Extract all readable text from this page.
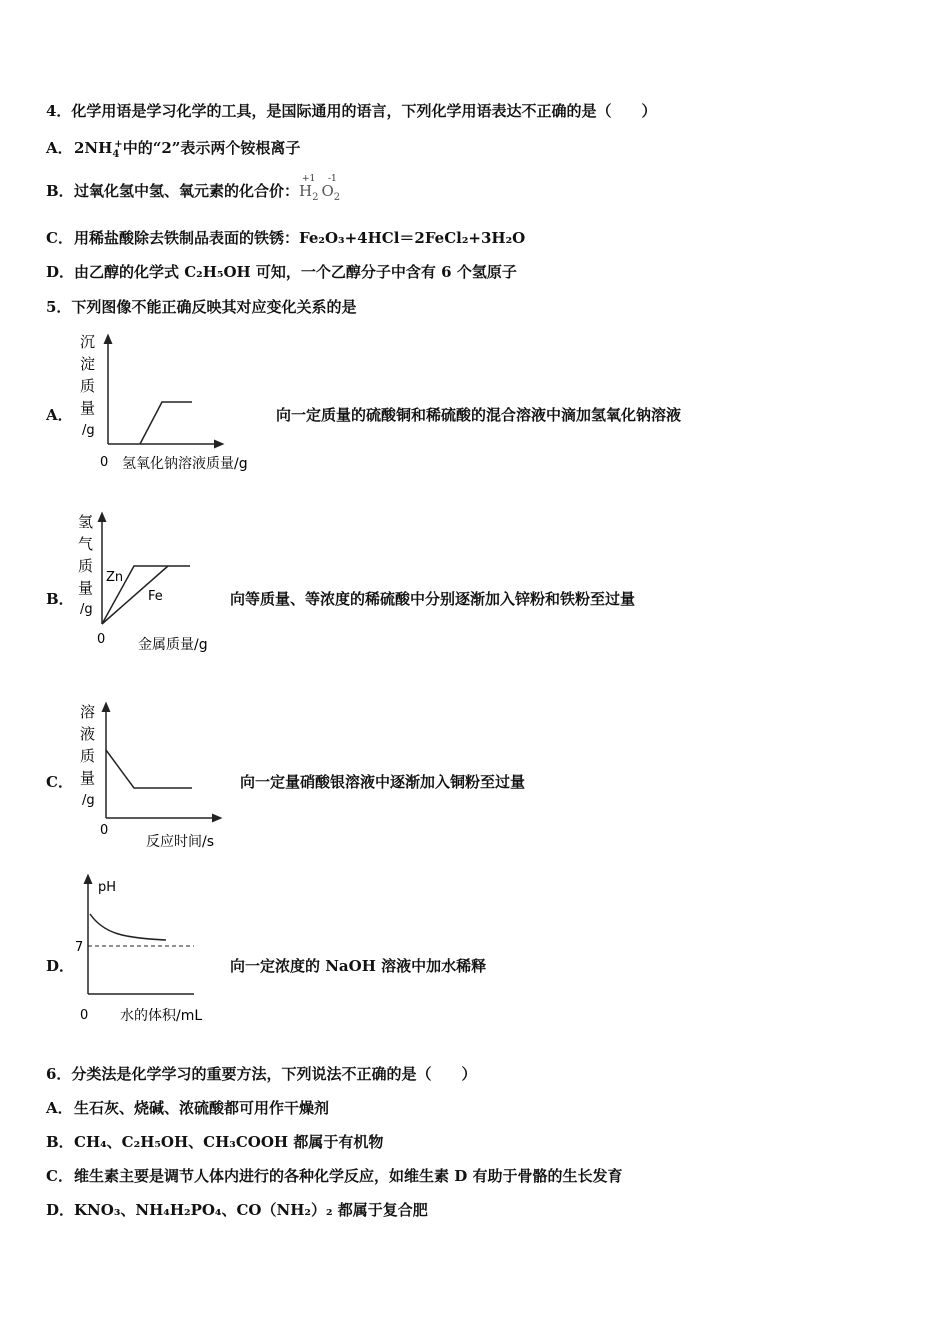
4．化学用语是学习化学的工具，是国际通用的语言，下列化学用语表达不正确的是（　　）
A．$2NH_4^+$中的“2”表示两个铵根离子
B．过氧化氢中氢、氧元素的化合价：
+1 -1
$H_2$ $O_2$
C．用稀盐酸除去铁制品表面的铁锈：Fe₂O₃+4HCl＝2FeCl₂+3H₂O
D．由乙醇的化学式 C₂H₅OH 可知，一个乙醇分子中含有 6 个氢原子
5．下列图像不能正确反映其对应变化关系的是
A．
沉
淀
质
量
/g
0 氢氧化钠溶液质量/g
向一定质量的硫酸铜和稀硫酸的混合溶液中滴加氢氧化钠溶液
B．
氢
气
质
量
/g
Zn
Fe
0 金属质量/g
向等质量、等浓度的稀硫酸中分别逐渐加入锌粉和铁粉至过量
C．
溶
液
质
量
/g
0
反应时间/s
向一定量硝酸银溶液中逐渐加入铜粉至过量
D．
pH
7
0 水的体积/mL
向一定浓度的 NaOH 溶液中加水稀释
6．分类法是化学学习的重要方法，下列说法不正确的是（　　）
A．生石灰、烧碱、浓硫酸都可用作干燥剂
B．CH₄、C₂H₅OH、CH₃COOH 都属于有机物
C．维生素主要是调节人体内进行的各种化学反应，如维生素 D 有助于骨骼的生长发育
D．KNO₃、NH₄H₂PO₄、CO（NH₂）₂ 都属于复合肥
